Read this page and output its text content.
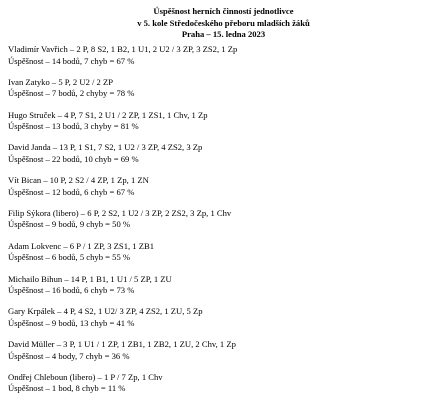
Úspěšnost herních činností jednotlivce
v 5. kole Středočeského přeboru mladších žáků
Praha – 15. ledna 2023
Vladimír Vavřich – 2 P, 8 S2, 1 B2, 1 U1, 2 U2 / 3 ZP, 3 ZS2, 1 Zp
Úspěšnost – 14 bodů, 7 chyb = 67 %
Ivan Zatyko – 5 P, 2 U2 / 2 ZP
Úspěšnost – 7 bodů, 2 chyby = 78 %
Hugo Struček – 4 P, 7 S1, 2 U1 / 2 ZP, 1 ZS1, 1 Chv, 1 Zp
Úspěšnost – 13 bodů, 3 chyby = 81 %
David Janda – 13 P, 1 S1, 7 S2, 1 U2 / 3 ZP, 4 ZS2, 3 Zp
Úspěšnost – 22 bodů, 10 chyb = 69 %
Vít Bican – 10 P, 2 S2 / 4 ZP, 1 Zp, 1 ZN
Úspěšnost – 12 bodů, 6 chyb = 67 %
Filip Sýkora (libero) – 6 P, 2 S2, 1 U2 / 3 ZP, 2 ZS2, 3 Zp, 1 Chv
Úspěšnost – 9 bodů, 9 chyb = 50 %
Adam Lokvenc – 6 P / 1 ZP, 3 ZS1, 1 ZB1
Úspěšnost – 6 bodů, 5 chyb = 55 %
Michailo Bihun – 14 P, 1 B1, 1 U1 / 5 ZP, 1 ZU
Úspěšnost – 16 bodů, 6 chyb = 73 %
Gary Krpálek – 4 P, 4 S2, 1 U2/ 3 ZP, 4 ZS2, 1 ZU, 5 Zp
Úspěšnost – 9 bodů, 13 chyb = 41 %
David Müller – 3 P, 1 U1 / 1 ZP, 1 ZB1, 1 ZB2, 1 ZU, 2 Chv, 1 Zp
Úspěšnost – 4 body, 7 chyb = 36 %
Ondřej Chleboun (libero) – 1 P / 7 Zp, 1 Chv
Úspěšnost – 1 bod, 8 chyb = 11 %
